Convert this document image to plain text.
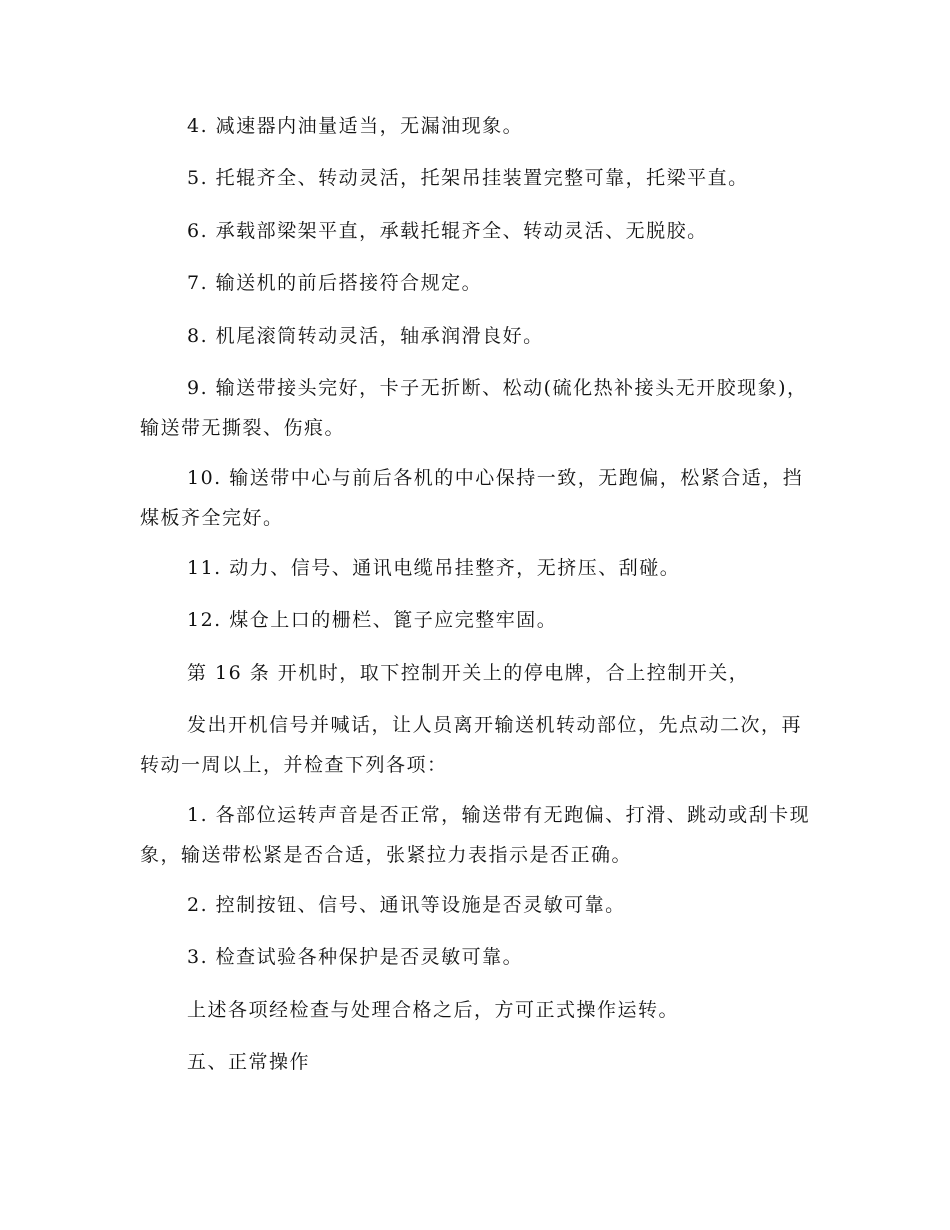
4. 减速器内油量适当，无漏油现象。

5. 托辊齐全、转动灵活，托架吊挂装置完整可靠，托梁平直。

6. 承载部梁架平直，承载托辊齐全、转动灵活、无脱胶。

7. 输送机的前后搭接符合规定。

8. 机尾滚筒转动灵活，轴承润滑良好。

9. 输送带接头完好，卡子无折断、松动(硫化热补接头无开胶现象)，输送带无撕裂、伤痕。

10. 输送带中心与前后各机的中心保持一致，无跑偏，松紧合适，挡煤板齐全完好。

11. 动力、信号、通讯电缆吊挂整齐，无挤压、刮碰。

12. 煤仓上口的栅栏、篦子应完整牢固。

第 16 条 开机时，取下控制开关上的停电牌，合上控制开关，

发出开机信号并喊话，让人员离开输送机转动部位，先点动二次，再转动一周以上，并检查下列各项：

1. 各部位运转声音是否正常，输送带有无跑偏、打滑、跳动或刮卡现象，输送带松紧是否合适，张紧拉力表指示是否正确。

2. 控制按钮、信号、通讯等设施是否灵敏可靠。

3. 检查试验各种保护是否灵敏可靠。

上述各项经检查与处理合格之后，方可正式操作运转。

五、正常操作
